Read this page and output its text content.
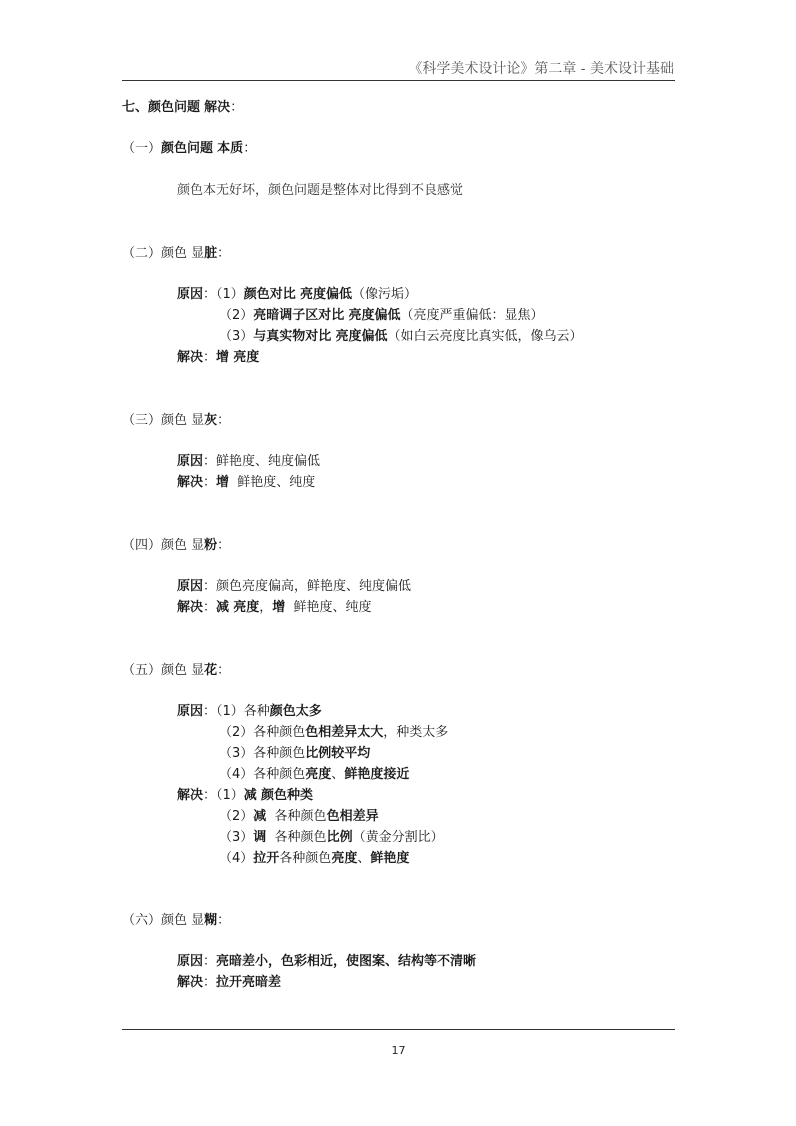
《科学美术设计论》第二章 - 美术设计基础
七、颜色问题 解决：
（一）颜色问题 本质：
颜色本无好坏，颜色问题是整体对比得到不良感觉
（二）颜色 显脏：
原因：（1）颜色对比 亮度偏低（像污垢）
（2）亮暗调子区对比 亮度偏低（亮度严重偏低：显焦）
（3）与真实物对比 亮度偏低（如白云亮度比真实低，像乌云）
解决：增 亮度
（三）颜色 显灰：
原因：鲜艳度、纯度偏低
解决：增  鲜艳度、纯度
（四）颜色 显粉：
原因：颜色亮度偏高，鲜艳度、纯度偏低
解决：减 亮度，增  鲜艳度、纯度
（五）颜色 显花：
原因：（1）各种颜色太多
（2）各种颜色色相差异太大，种类太多
（3）各种颜色比例较平均
（4）各种颜色亮度、鲜艳度接近
解决：（1）减 颜色种类
（2）减  各种颜色色相差异
（3）调  各种颜色比例（黄金分割比）
（4）拉开各种颜色亮度、鲜艳度
（六）颜色 显糊：
原因：亮暗差小，色彩相近，使图案、结构等不清晰
解决：拉开亮暗差
17
